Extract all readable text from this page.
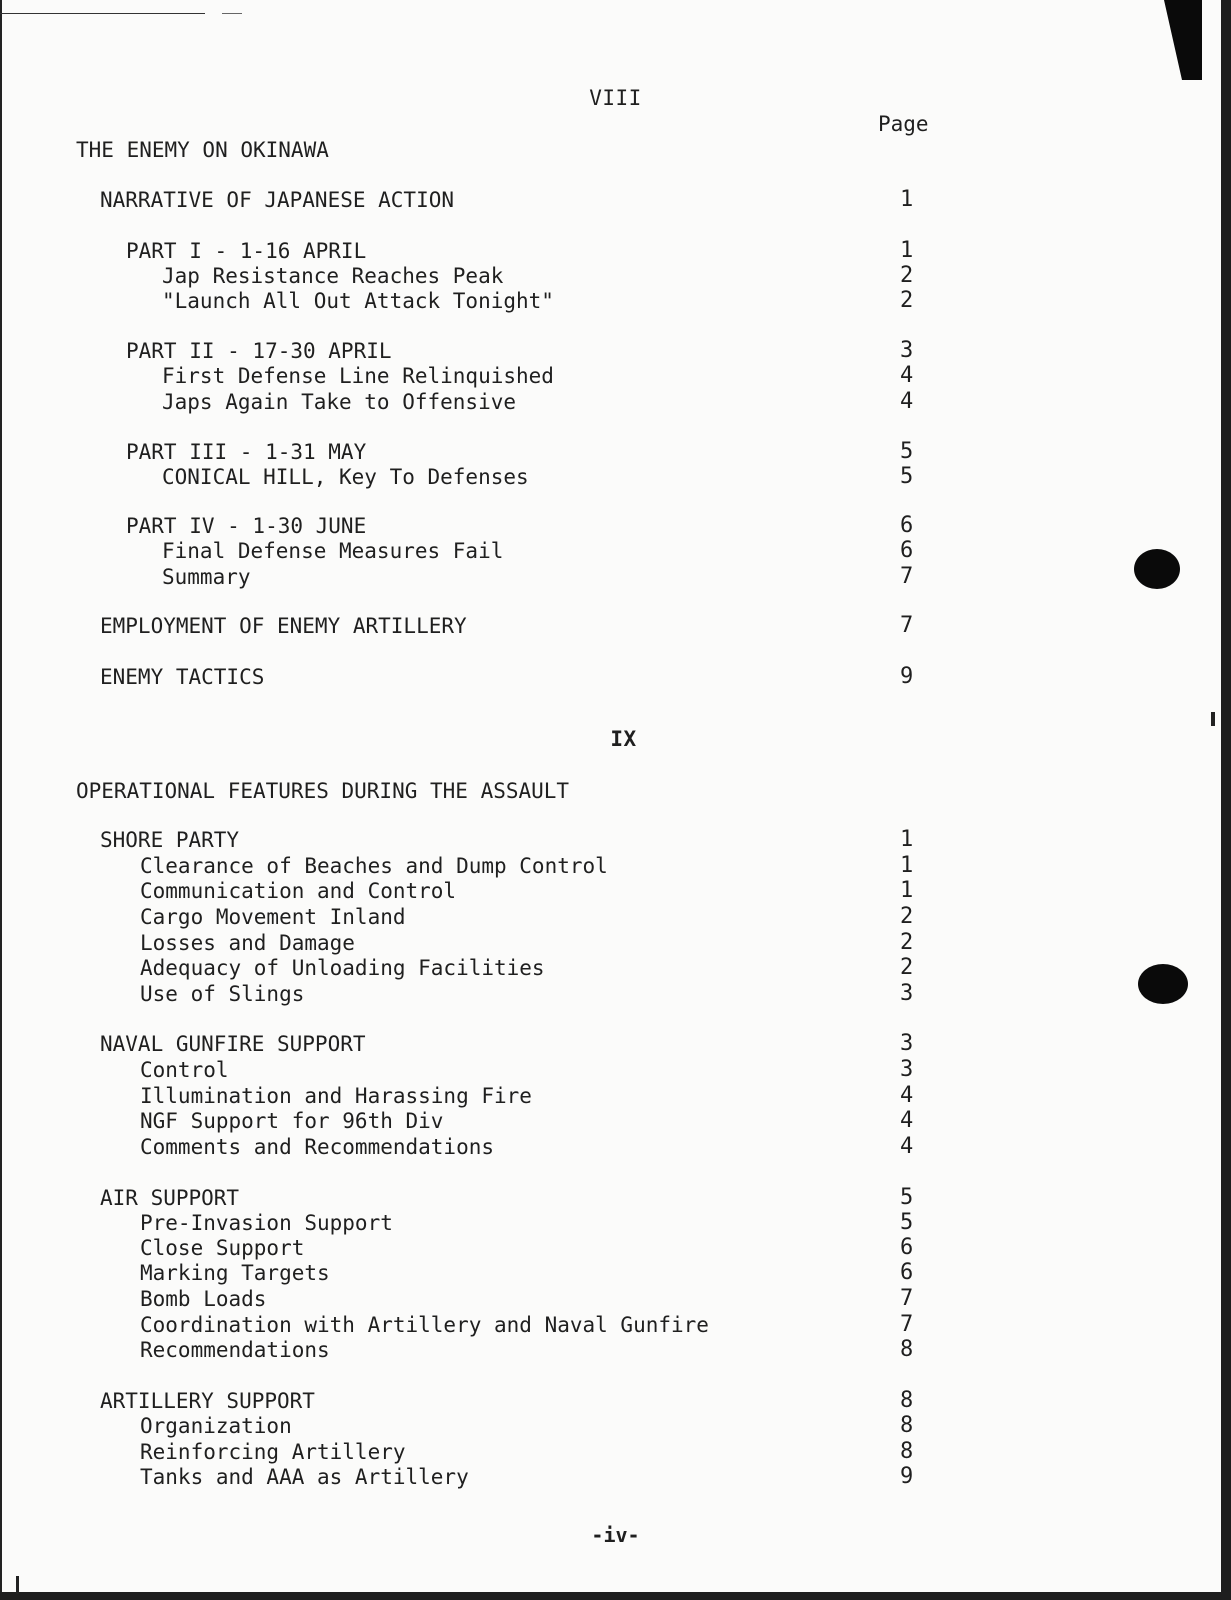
VIII
Page
THE ENEMY ON OKINAWA
NARRATIVE OF JAPANESE ACTION	1
PART I - 1-16 APRIL	1
Jap Resistance Reaches Peak	2
"Launch All Out Attack Tonight"	2
PART II - 17-30 APRIL	3
First Defense Line Relinquished	4
Japs Again Take to Offensive	4
PART III - 1-31 MAY	5
CONICAL HILL, Key To Defenses	5
PART IV - 1-30 JUNE	6
Final Defense Measures Fail	6
Summary	7
EMPLOYMENT OF ENEMY ARTILLERY	7
ENEMY TACTICS	9
IX
OPERATIONAL FEATURES DURING THE ASSAULT
SHORE PARTY	1
Clearance of Beaches and Dump Control	1
Communication and Control	1
Cargo Movement Inland	2
Losses and Damage	2
Adequacy of Unloading Facilities	2
Use of Slings	3
NAVAL GUNFIRE SUPPORT	3
Control	3
Illumination and Harassing Fire	4
NGF Support for 96th Div	4
Comments and Recommendations	4
AIR SUPPORT	5
Pre-Invasion Support	5
Close Support	6
Marking Targets	6
Bomb Loads	7
Coordination with Artillery and Naval Gunfire	7
Recommendations	8
ARTILLERY SUPPORT	8
Organization	8
Reinforcing Artillery	8
Tanks and AAA as Artillery	9
-iv-
